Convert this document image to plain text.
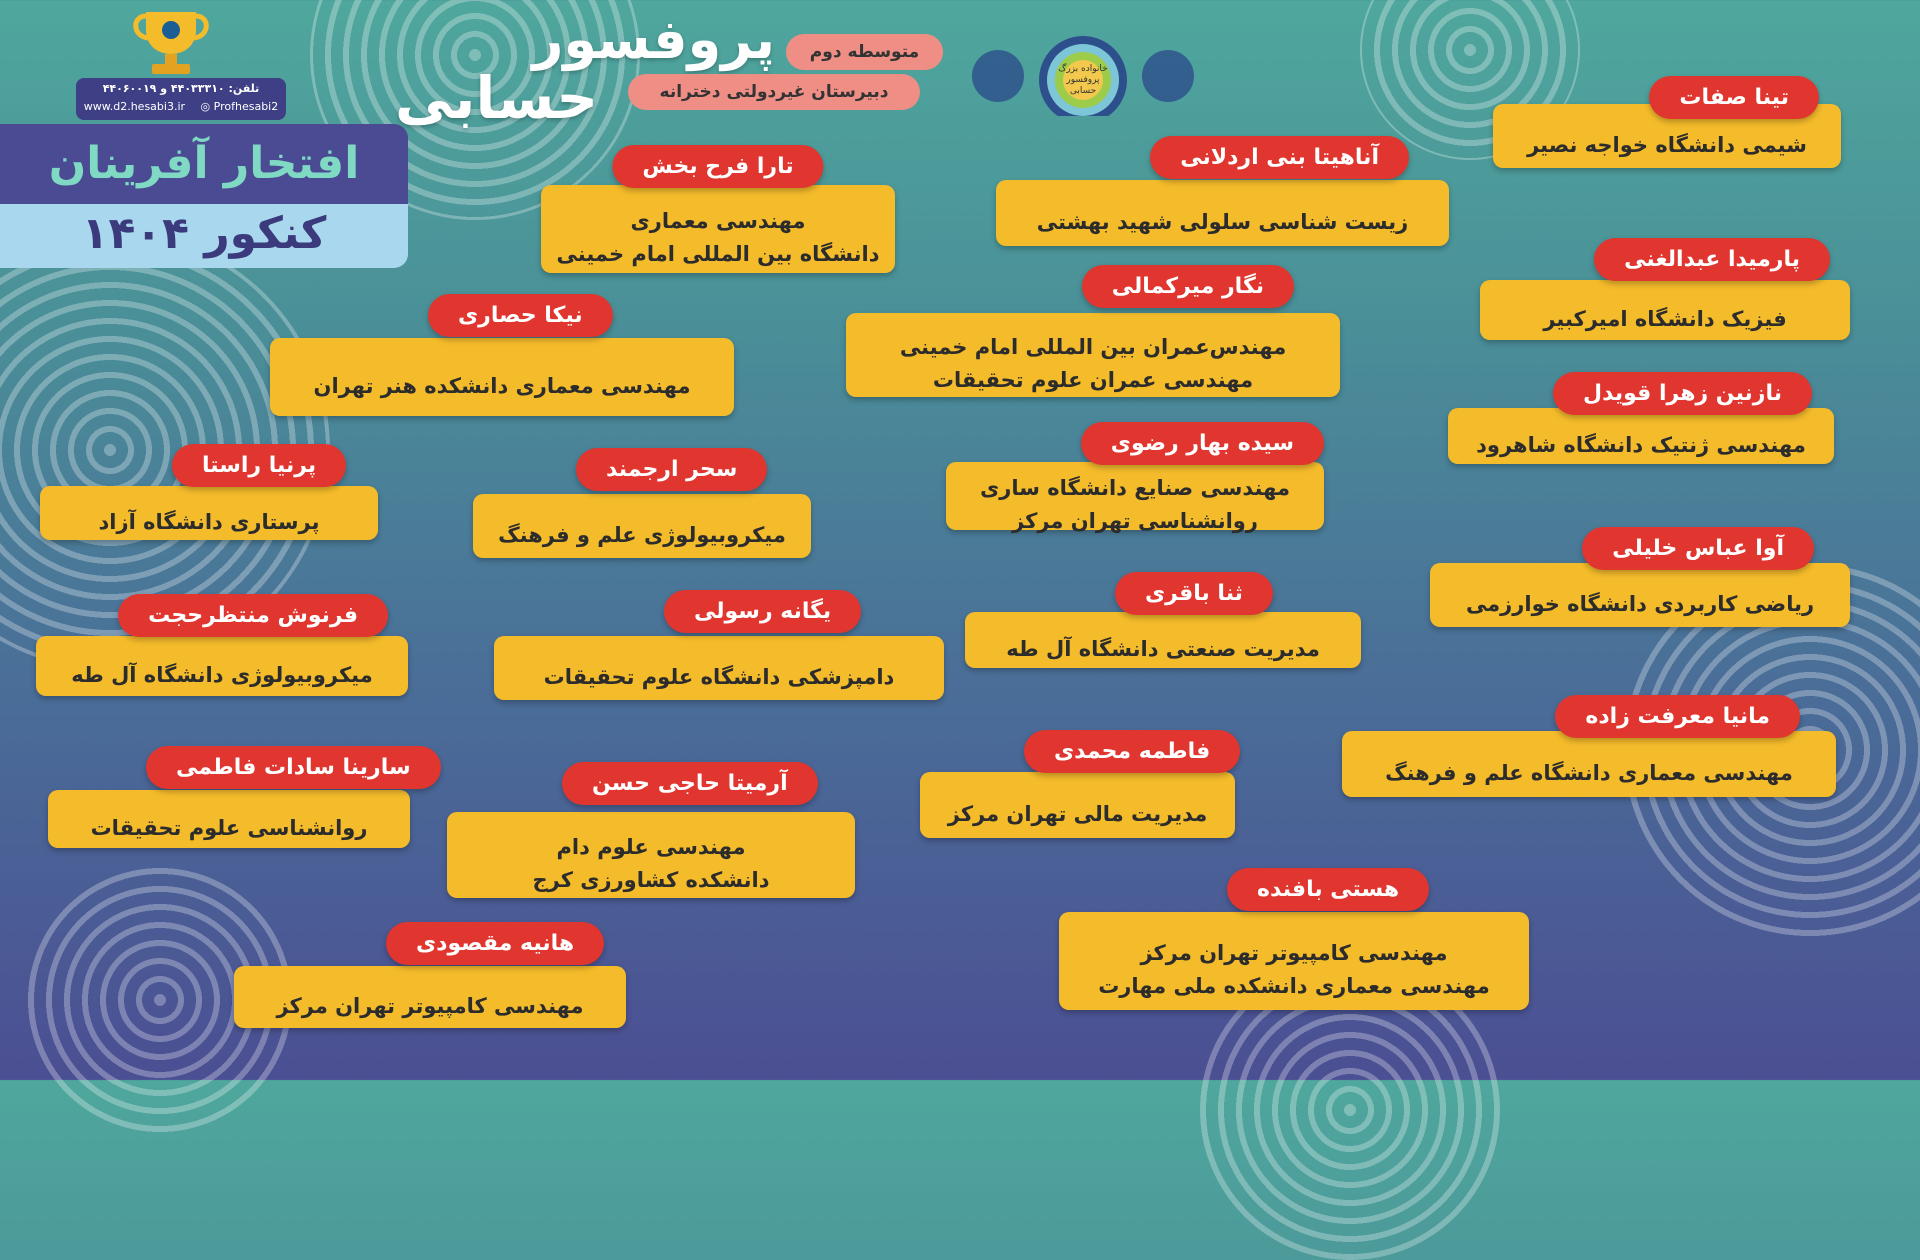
تلفن: ۴۴۰۳۳۳۱۰ و ۴۴۰۶۰۰۱۹
www.d2.hesabi3.ir ◎ Profhesabi2
افتخار آفرینان
کنکور ۱۴۰۴
پروفسور
حسابی
متوسطه دوم
دبیرستان غیردولتی دخترانه
خانواده بزرگ پروفسور حسابی	تینا صفات
شیمی دانشگاه خواجه نصیر
آناهیتا بنی اردلانی
زیست شناسی سلولی شهید بهشتی
تارا فرح بخش
مهندسی معماری
دانشگاه بین المللی امام خمینی	پارمیدا عبدالغنی
فیزیک دانشگاه امیرکبیر
نگار میرکمالی
مهندس‌عمران بین المللی امام خمینی
مهندسی عمران علوم تحقیقات
نیکا حصاری
مهندسی معماری دانشکده هنر تهران	نازنین زهرا قویدل
مهندسی ژنتیک دانشگاه شاهرود
سیده بهار رضوی
مهندسی صنایع دانشگاه ساری
روانشناسی تهران مرکز
سحر ارجمند
میکروبیولوژی علم و فرهنگ
پرنیا راستا
پرستاری دانشگاه آزاد
آوا عباس خلیلی
ریاضی کاربردی دانشگاه خوارزمی
ثنا باقری
مدیریت صنعتی دانشگاه آل طه
یگانه رسولی
دامپزشکی دانشگاه علوم تحقیقات
فرنوش منتظرحجت
میکروبیولوژی دانشگاه آل طه
مانیا معرفت زاده
مهندسی معماری دانشگاه علم و فرهنگ
فاطمه محمدی
مدیریت مالی تهران مرکز
سارینا سادات فاطمی
روانشناسی علوم تحقیقات
آرمیتا حاجی حسن
مهندسی علوم دام
دانشکده کشاورزی کرج	هستی بافنده
مهندسی کامپیوتر تهران مرکز
مهندسی معماری دانشکده ملی مهارت
هانیه مقصودی
مهندسی کامپیوتر تهران مرکز
